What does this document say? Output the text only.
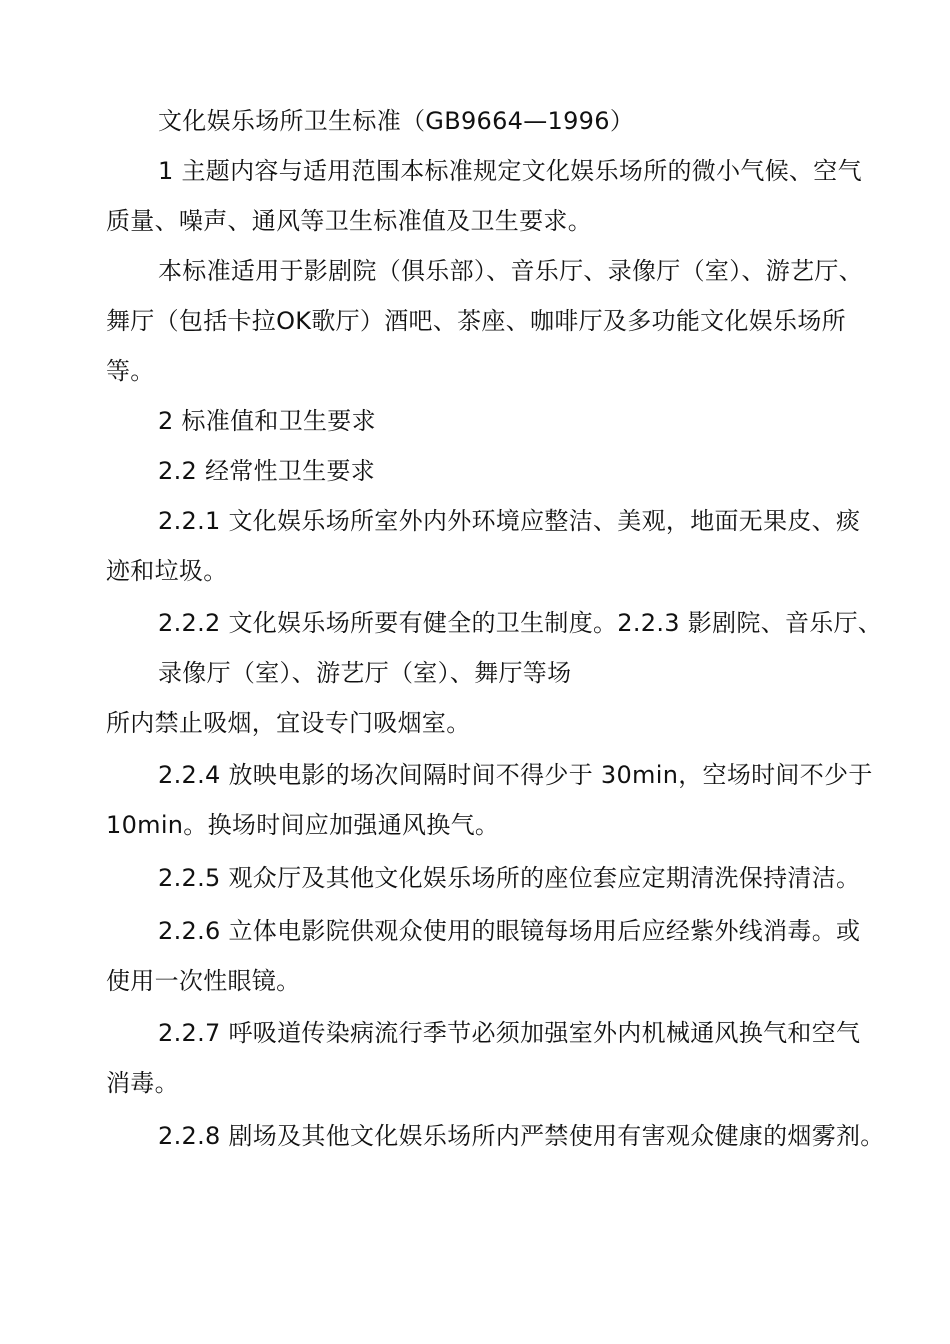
文化娱乐场所卫生标准（GB9664—1996）
1 主题内容与适用范围本标准规定文化娱乐场所的微小气候、空气
质量、噪声、通风等卫生标准值及卫生要求。
本标准适用于影剧院（俱乐部）、音乐厅、录像厅（室）、游艺厅、
舞厅（包括卡拉OK歌厅）酒吧、茶座、咖啡厅及多功能文化娱乐场所
等。
2 标准值和卫生要求
2.2 经常性卫生要求
2.2.1 文化娱乐场所室外内外环境应整洁、美观，地面无果皮、痰
迹和垃圾。
2.2.2 文化娱乐场所要有健全的卫生制度。2.2.3 影剧院、音乐厅、
录像厅（室）、游艺厅（室）、舞厅等场
所内禁止吸烟，宜设专门吸烟室。
2.2.4 放映电影的场次间隔时间不得少于 30min，空场时间不少于
10min。换场时间应加强通风换气。
2.2.5 观众厅及其他文化娱乐场所的座位套应定期清洗保持清洁。
2.2.6 立体电影院供观众使用的眼镜每场用后应经紫外线消毒。或
使用一次性眼镜。
2.2.7 呼吸道传染病流行季节必须加强室外内机械通风换气和空气
消毒。
2.2.8 剧场及其他文化娱乐场所内严禁使用有害观众健康的烟雾剂。
